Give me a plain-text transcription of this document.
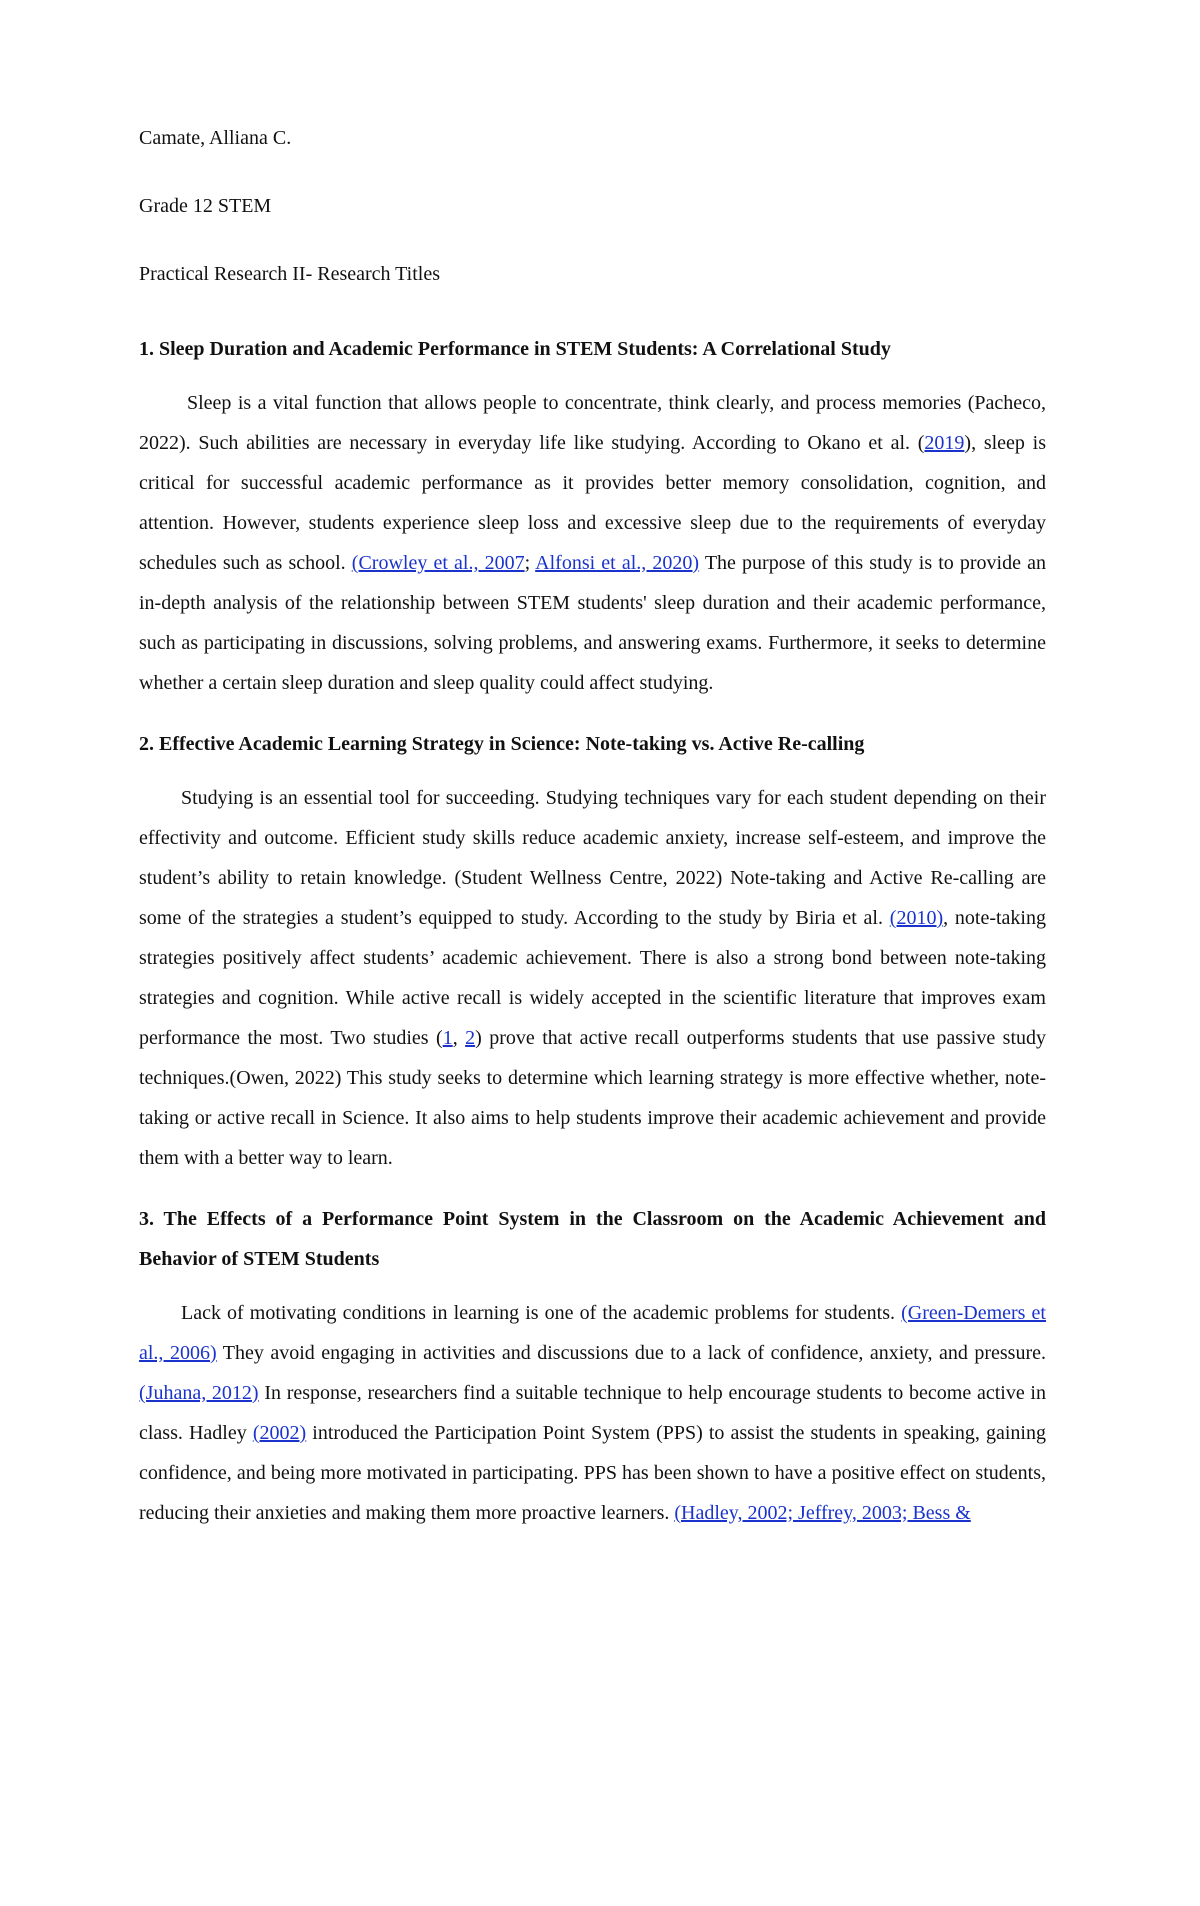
Camate, Alliana C.

Grade 12 STEM

Practical Research II- Research Titles

1. Sleep Duration and Academic Performance in STEM Students: A Correlational Study

Sleep is a vital function that allows people to concentrate, think clearly, and process memories (Pacheco, 2022). Such abilities are necessary in everyday life like studying. According to Okano et al. (2019), sleep is critical for successful academic performance as it provides better memory consolidation, cognition, and attention. However, students experience sleep loss and excessive sleep due to the requirements of everyday schedules such as school. (Crowley et al., 2007; Alfonsi et al., 2020) The purpose of this study is to provide an in-depth analysis of the relationship between STEM students' sleep duration and their academic performance, such as participating in discussions, solving problems, and answering exams. Furthermore, it seeks to determine whether a certain sleep duration and sleep quality could affect studying.

2. Effective Academic Learning Strategy in Science: Note-taking vs. Active Re-calling

Studying is an essential tool for succeeding. Studying techniques vary for each student depending on their effectivity and outcome. Efficient study skills reduce academic anxiety, increase self-esteem, and improve the student’s ability to retain knowledge. (Student Wellness Centre, 2022) Note-taking and Active Re-calling are some of the strategies a student’s equipped to study. According to the study by Biria et al. (2010), note-taking strategies positively affect students’ academic achievement. There is also a strong bond between note-taking strategies and cognition. While active recall is widely accepted in the scientific literature that improves exam performance the most. Two studies (1, 2) prove that active recall outperforms students that use passive study techniques.(Owen, 2022) This study seeks to determine which learning strategy is more effective whether, note-taking or active recall in Science. It also aims to help students improve their academic achievement and provide them with a better way to learn.

3. The Effects of a Performance Point System in the Classroom on the Academic Achievement and Behavior of STEM Students

Lack of motivating conditions in learning is one of the academic problems for students. (Green-Demers et al., 2006) They avoid engaging in activities and discussions due to a lack of confidence, anxiety, and pressure. (Juhana, 2012) In response, researchers find a suitable technique to help encourage students to become active in class. Hadley (2002) introduced the Participation Point System (PPS) to assist the students in speaking, gaining confidence, and being more motivated in participating. PPS has been shown to have a positive effect on students, reducing their anxieties and making them more proactive learners. (Hadley, 2002; Jeffrey, 2003; Bess &
